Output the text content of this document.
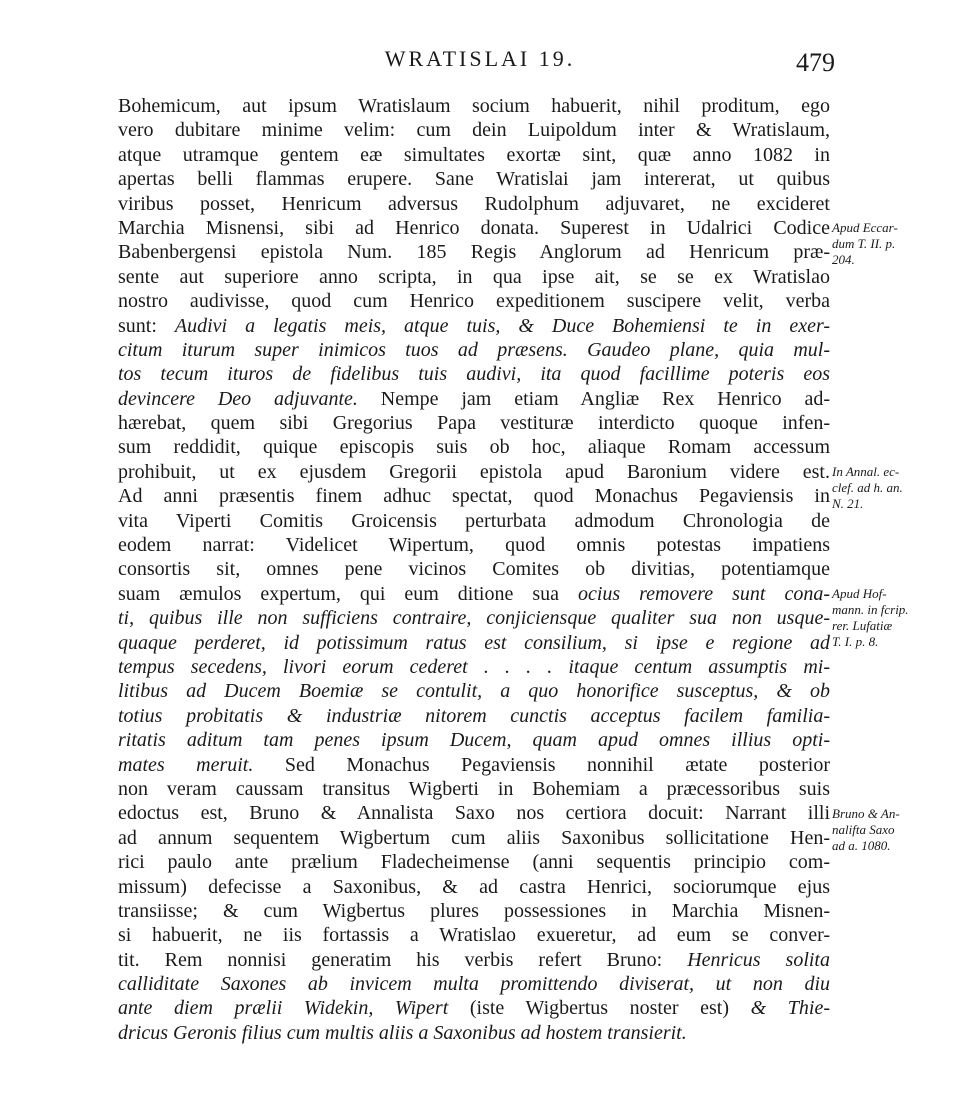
WRATISLAI 19.	479
Bohemicum, aut ipsum Wratislaum socium habuerit, nihil proditum, ego
vero dubitare minime velim: cum dein Luipoldum inter & Wratislaum,
atque utramque gentem eæ simultates exortæ sint, quæ anno 1082 in
apertas belli flammas erupere. Sane Wratislai jam intererat, ut quibus
viribus posset, Henricum adversus Rudolphum adjuvaret, ne excideret
Marchia Misnensi, sibi ad Henrico donata. Superest in Udalrici Codice
Babenbergensi epistola Num. 185 Regis Anglorum ad Henricum præ-
sente aut superiore anno scripta, in qua ipse ait, se se ex Wratislao
nostro audivisse, quod cum Henrico expeditionem suscipere velit, verba
sunt: Audivi a legatis meis, atque tuis, & Duce Bohemiensi te in exer-
citum iturum super inimicos tuos ad præsens. Gaudeo plane, quia mul-
tos tecum ituros de fidelibus tuis audivi, ita quod facillime poteris eos
devincere Deo adjuvante. Nempe jam etiam Angliæ Rex Henrico ad-
hærebat, quem sibi Gregorius Papa vestituræ interdicto quoque infen-
sum reddidit, quique episcopis suis ob hoc, aliaque Romam accessum
prohibuit, ut ex ejusdem Gregorii epistola apud Baronium videre est.
Ad anni præsentis finem adhuc spectat, quod Monachus Pegaviensis in
vita Viperti Comitis Groicensis perturbata admodum Chronologia de
eodem narrat: Videlicet Wipertum, quod omnis potestas impatiens
consortis sit, omnes pene vicinos Comites ob divitias, potentiamque
suam æmulos expertum, qui eum ditione sua ocius removere sunt cona-
ti, quibus ille non sufficiens contraire, conjiciensque qualiter sua non usque-
quaque perderet, id potissimum ratus est consilium, si ipse e regione ad
tempus secedens, livori eorum cederet . . . . itaque centum assumptis mi-
litibus ad Ducem Boemiæ se contulit, a quo honorifice susceptus, & ob
totius probitatis & industriæ nitorem cunctis acceptus facilem familia-
ritatis aditum tam penes ipsum Ducem, quam apud omnes illius opti-
mates meruit. Sed Monachus Pegaviensis nonnihil ætate posterior
non veram caussam transitus Wigberti in Bohemiam a præcessoribus suis
edoctus est, Bruno & Annalista Saxo nos certiora docuit: Narrant illi
ad annum sequentem Wigbertum cum aliis Saxonibus sollicitatione Hen-
rici paulo ante prælium Fladecheimense (anni sequentis principio com-
missum) defecisse a Saxonibus, & ad castra Henrici, sociorumque ejus
transiisse; & cum Wigbertus plures possessiones in Marchia Misnen-
si habuerit, ne iis fortassis a Wratislao exueretur, ad eum se conver-
tit. Rem nonnisi generatim his verbis refert Bruno: Henricus solita
calliditate Saxones ab invicem multa promittendo diviserat, ut non diu
ante diem prælii Widekin, Wipert (iste Wigbertus noster est) & Thie-
dricus Geronis filius cum multis aliis a Saxonibus ad hostem transierit.
Apud Eccar-
dum T. II. p.
204.
In Annal. ec-
clef. ad h. an.
N. 21.
Apud Hof-
mann. in fcrip.
rer. Lufatiæ
T. I. p. 8.
Bruno & An-
nalifta Saxo
ad a. 1080.
